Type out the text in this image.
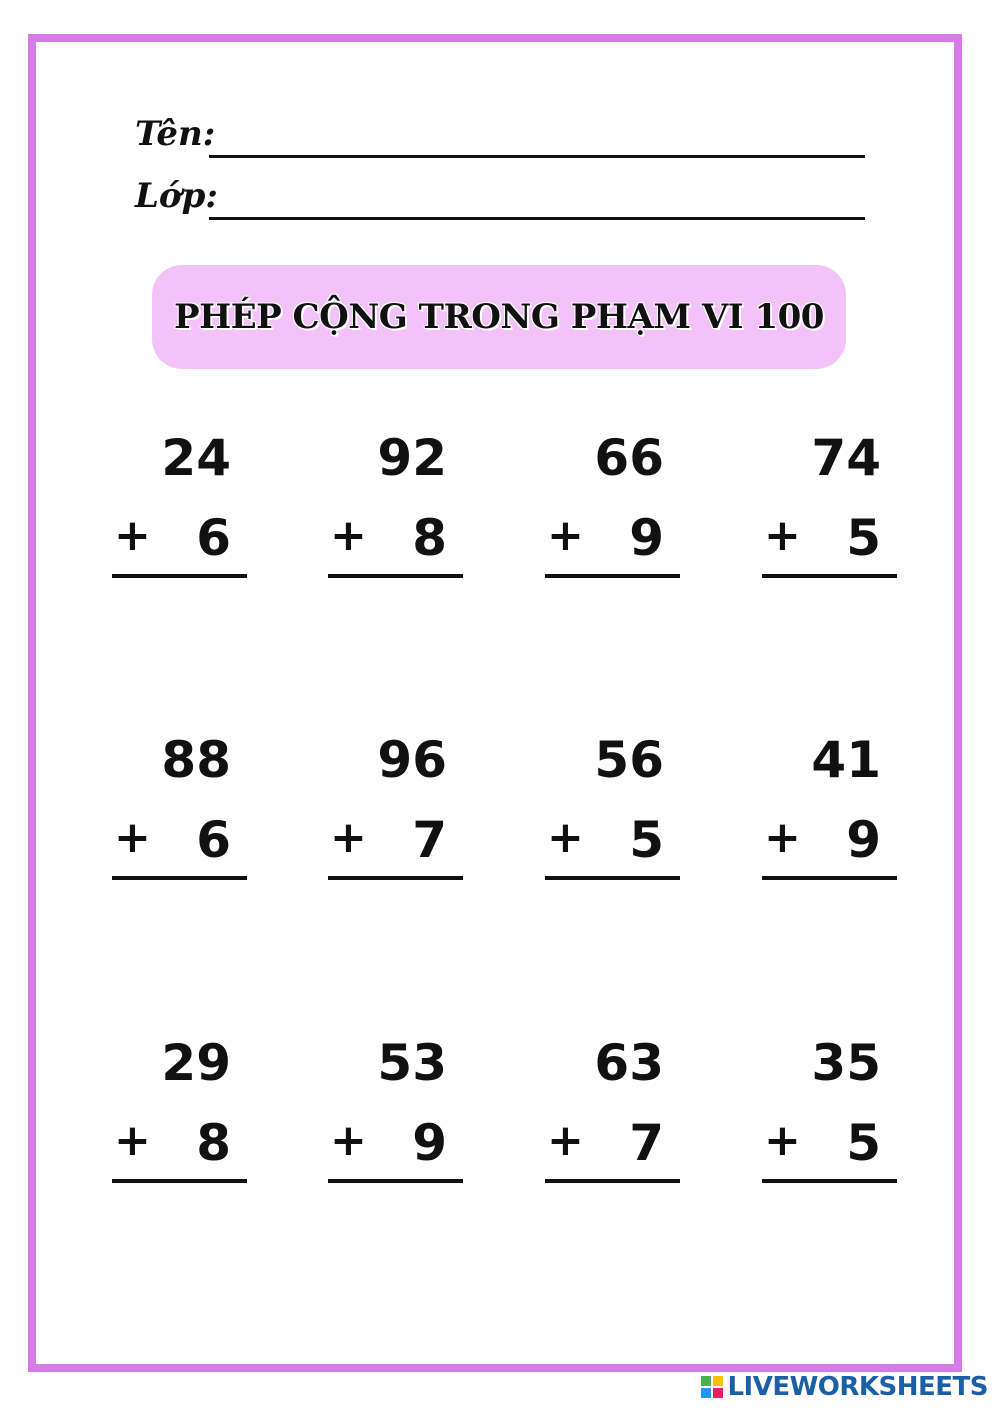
Tên:
Lớp:
PHÉP CỘNG TRONG PHẠM VI 100
24
+ 6
92
+ 8
66
+ 9
74
+ 5
88
+ 6
96
+ 7
56
+ 5
41
+ 9
29
+ 8
53
+ 9
63
+ 7
35
+ 5
LIVEWORKSHEETS
